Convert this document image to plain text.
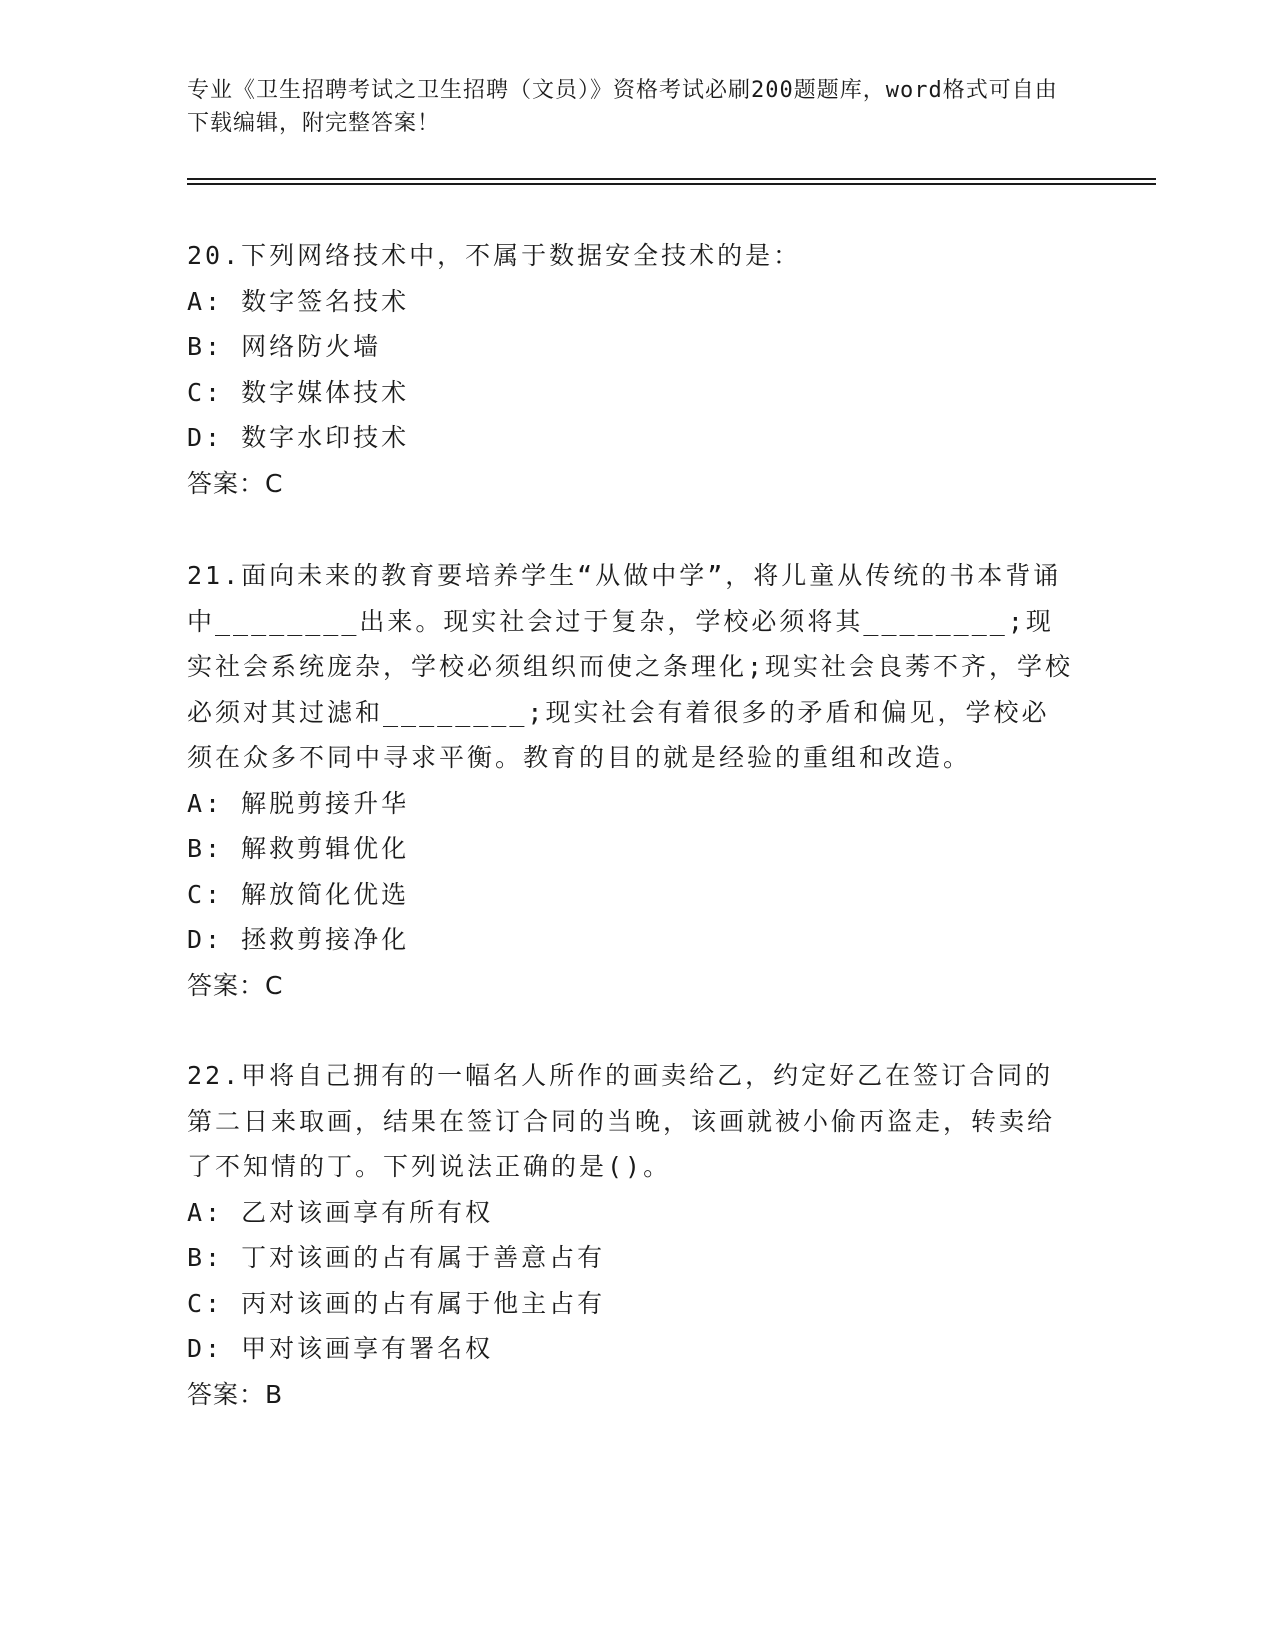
专业《卫生招聘考试之卫生招聘（文员）》资格考试必刷200题题库，word格式可自由下载编辑，附完整答案！
20.下列网络技术中，不属于数据安全技术的是：
A: 数字签名技术
B: 网络防火墙
C: 数字媒体技术
D: 数字水印技术
答案：C
21.面向未来的教育要培养学生“从做中学”，将儿童从传统的书本背诵中________出来。现实社会过于复杂，学校必须将其________;现实社会系统庞杂，学校必须组织而使之条理化;现实社会良莠不齐，学校必须对其过滤和________;现实社会有着很多的矛盾和偏见，学校必须在众多不同中寻求平衡。教育的目的就是经验的重组和改造。
A: 解脱剪接升华
B: 解救剪辑优化
C: 解放简化优选
D: 拯救剪接净化
答案：C
22.甲将自己拥有的一幅名人所作的画卖给乙，约定好乙在签订合同的第二日来取画，结果在签订合同的当晚，该画就被小偷丙盗走，转卖给了不知情的丁。下列说法正确的是()。
A: 乙对该画享有所有权
B: 丁对该画的占有属于善意占有
C: 丙对该画的占有属于他主占有
D: 甲对该画享有署名权
答案：B
